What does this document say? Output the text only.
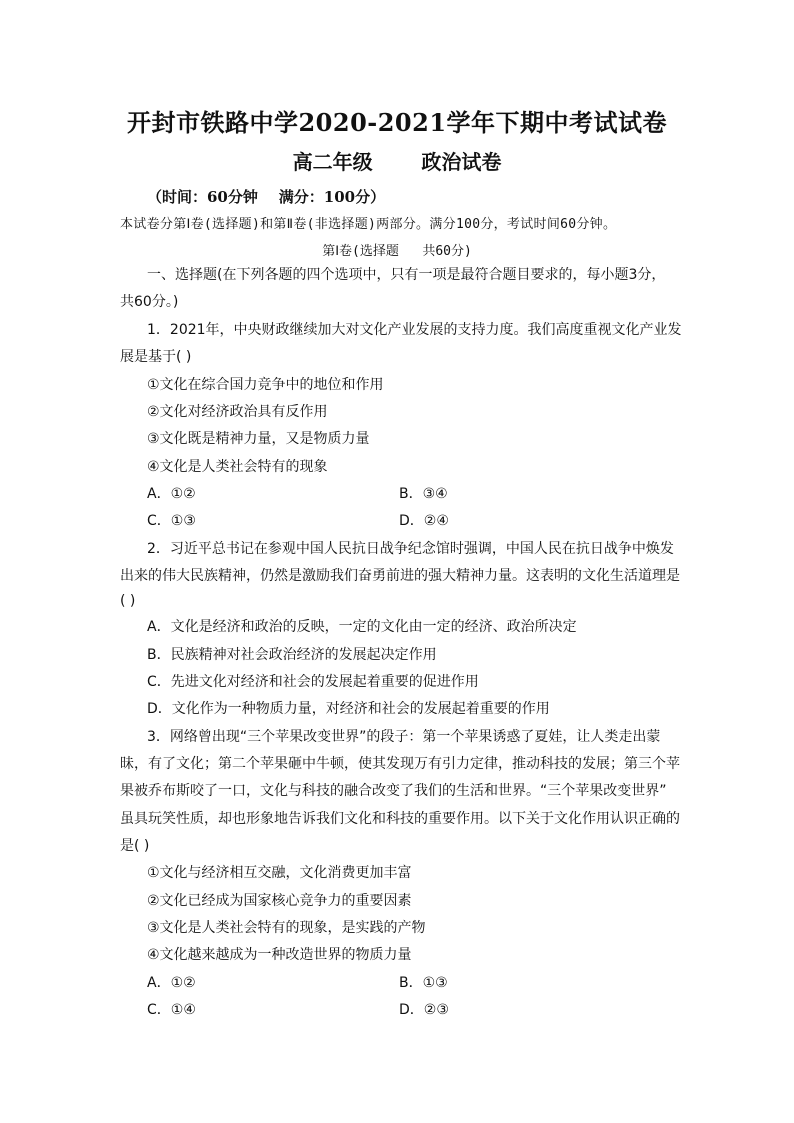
开封市铁路中学2020-2021学年下期中考试试卷
高二年级       政治试卷
（时间：60分钟    满分：100分）
本试卷分第Ⅰ卷(选择题)和第Ⅱ卷(非选择题)两部分。满分100分，考试时间60分钟。
第Ⅰ卷(选择题   共60分)
一、选择题(在下列各题的四个选项中，只有一项是最符合题目要求的，每小题3分，
共60分。)
1．2021年，中央财政继续加大对文化产业发展的支持力度。我们高度重视文化产业发
展是基于( )
①文化在综合国力竞争中的地位和作用
②文化对经济政治具有反作用
③文化既是精神力量，又是物质力量
④文化是人类社会特有的现象
A．①②	B．③④
C．①③	D．②④
2．习近平总书记在参观中国人民抗日战争纪念馆时强调，中国人民在抗日战争中焕发
出来的伟大民族精神，仍然是激励我们奋勇前进的强大精神力量。这表明的文化生活道理是
( )
A．文化是经济和政治的反映，一定的文化由一定的经济、政治所决定
B．民族精神对社会政治经济的发展起决定作用
C．先进文化对经济和社会的发展起着重要的促进作用
D．文化作为一种物质力量，对经济和社会的发展起着重要的作用
3．网络曾出现“三个苹果改变世界”的段子：第一个苹果诱惑了夏娃，让人类走出蒙
昧，有了文化；第二个苹果砸中牛顿，使其发现万有引力定律，推动科技的发展；第三个苹
果被乔布斯咬了一口，文化与科技的融合改变了我们的生活和世界。“三个苹果改变世界”
虽具玩笑性质，却也形象地告诉我们文化和科技的重要作用。以下关于文化作用认识正确的
是( )
①文化与经济相互交融，文化消费更加丰富
②文化已经成为国家核心竞争力的重要因素
③文化是人类社会特有的现象，是实践的产物
④文化越来越成为一种改造世界的物质力量
A．①②	B．①③
C．①④	D．②③
